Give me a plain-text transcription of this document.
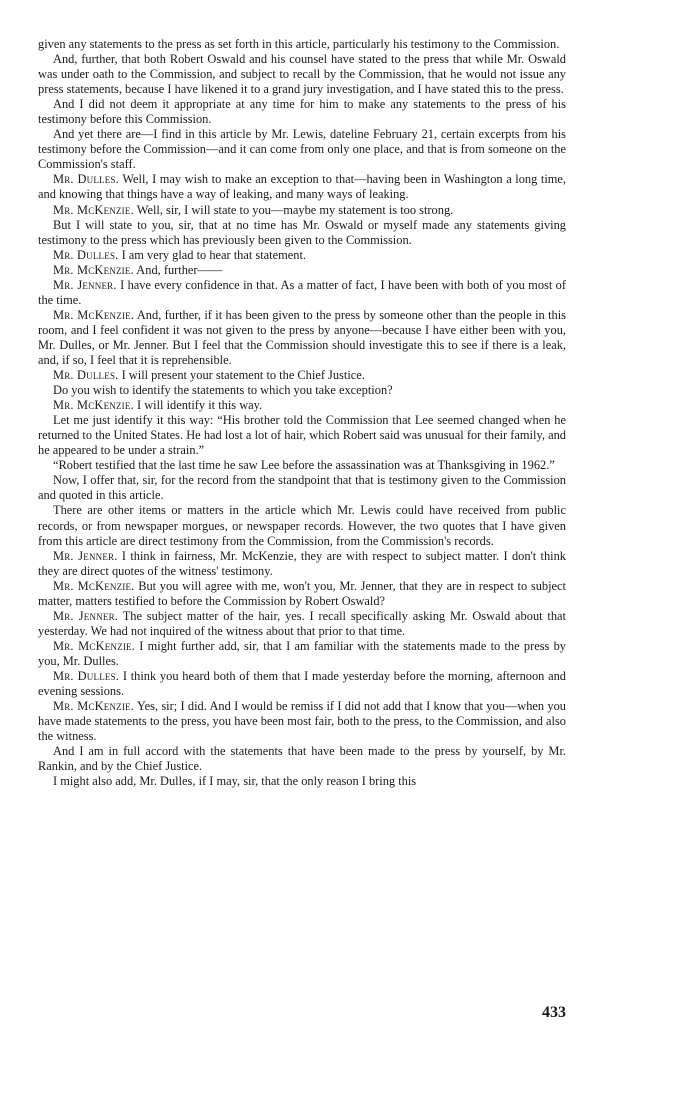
given any statements to the press as set forth in this article, particularly his testimony to the Commission.

And, further, that both Robert Oswald and his counsel have stated to the press that while Mr. Oswald was under oath to the Commission, and subject to recall by the Commission, that he would not issue any press statements, because I have likened it to a grand jury investigation, and I have stated this to the press.

And I did not deem it appropriate at any time for him to make any statements to the press of his testimony before this Commission.

And yet there are—I find in this article by Mr. Lewis, dateline February 21, certain excerpts from his testimony before the Commission—and it can come from only one place, and that is from someone on the Commission's staff.

Mr. Dulles. Well, I may wish to make an exception to that—having been in Washington a long time, and knowing that things have a way of leaking, and many ways of leaking.

Mr. McKenzie. Well, sir, I will state to you—maybe my statement is too strong.

But I will state to you, sir, that at no time has Mr. Oswald or myself made any statements giving testimony to the press which has previously been given to the Commission.

Mr. Dulles. I am very glad to hear that statement.

Mr. McKenzie. And, further——

Mr. Jenner. I have every confidence in that. As a matter of fact, I have been with both of you most of the time.

Mr. McKenzie. And, further, if it has been given to the press by someone other than the people in this room, and I feel confident it was not given to the press by anyone—because I have either been with you, Mr. Dulles, or Mr. Jenner. But I feel that the Commission should investigate this to see if there is a leak, and, if so, I feel that it is reprehensible.

Mr. Dulles. I will present your statement to the Chief Justice.

Do you wish to identify the statements to which you take exception?

Mr. McKenzie. I will identify it this way.

Let me just identify it this way: “His brother told the Commission that Lee seemed changed when he returned to the United States. He had lost a lot of hair, which Robert said was unusual for their family, and he appeared to be under a strain.”

“Robert testified that the last time he saw Lee before the assassination was at Thanksgiving in 1962.”

Now, I offer that, sir, for the record from the standpoint that that is testimony given to the Commission and quoted in this article.

There are other items or matters in the article which Mr. Lewis could have received from public records, or from newspaper morgues, or newspaper records. However, the two quotes that I have given from this article are direct testimony from the Commission, from the Commission's records.

Mr. Jenner. I think in fairness, Mr. McKenzie, they are with respect to subject matter. I don't think they are direct quotes of the witness' testimony.

Mr. McKenzie. But you will agree with me, won't you, Mr. Jenner, that they are in respect to subject matter, matters testified to before the Commission by Robert Oswald?

Mr. Jenner. The subject matter of the hair, yes. I recall specifically asking Mr. Oswald about that yesterday. We had not inquired of the witness about that prior to that time.

Mr. McKenzie. I might further add, sir, that I am familiar with the statements made to the press by you, Mr. Dulles.

Mr. Dulles. I think you heard both of them that I made yesterday before the morning, afternoon and evening sessions.

Mr. McKenzie. Yes, sir; I did. And I would be remiss if I did not add that I know that you—when you have made statements to the press, you have been most fair, both to the press, to the Commission, and also the witness.

And I am in full accord with the statements that have been made to the press by yourself, by Mr. Rankin, and by the Chief Justice.

I might also add, Mr. Dulles, if I may, sir, that the only reason I bring this

433
